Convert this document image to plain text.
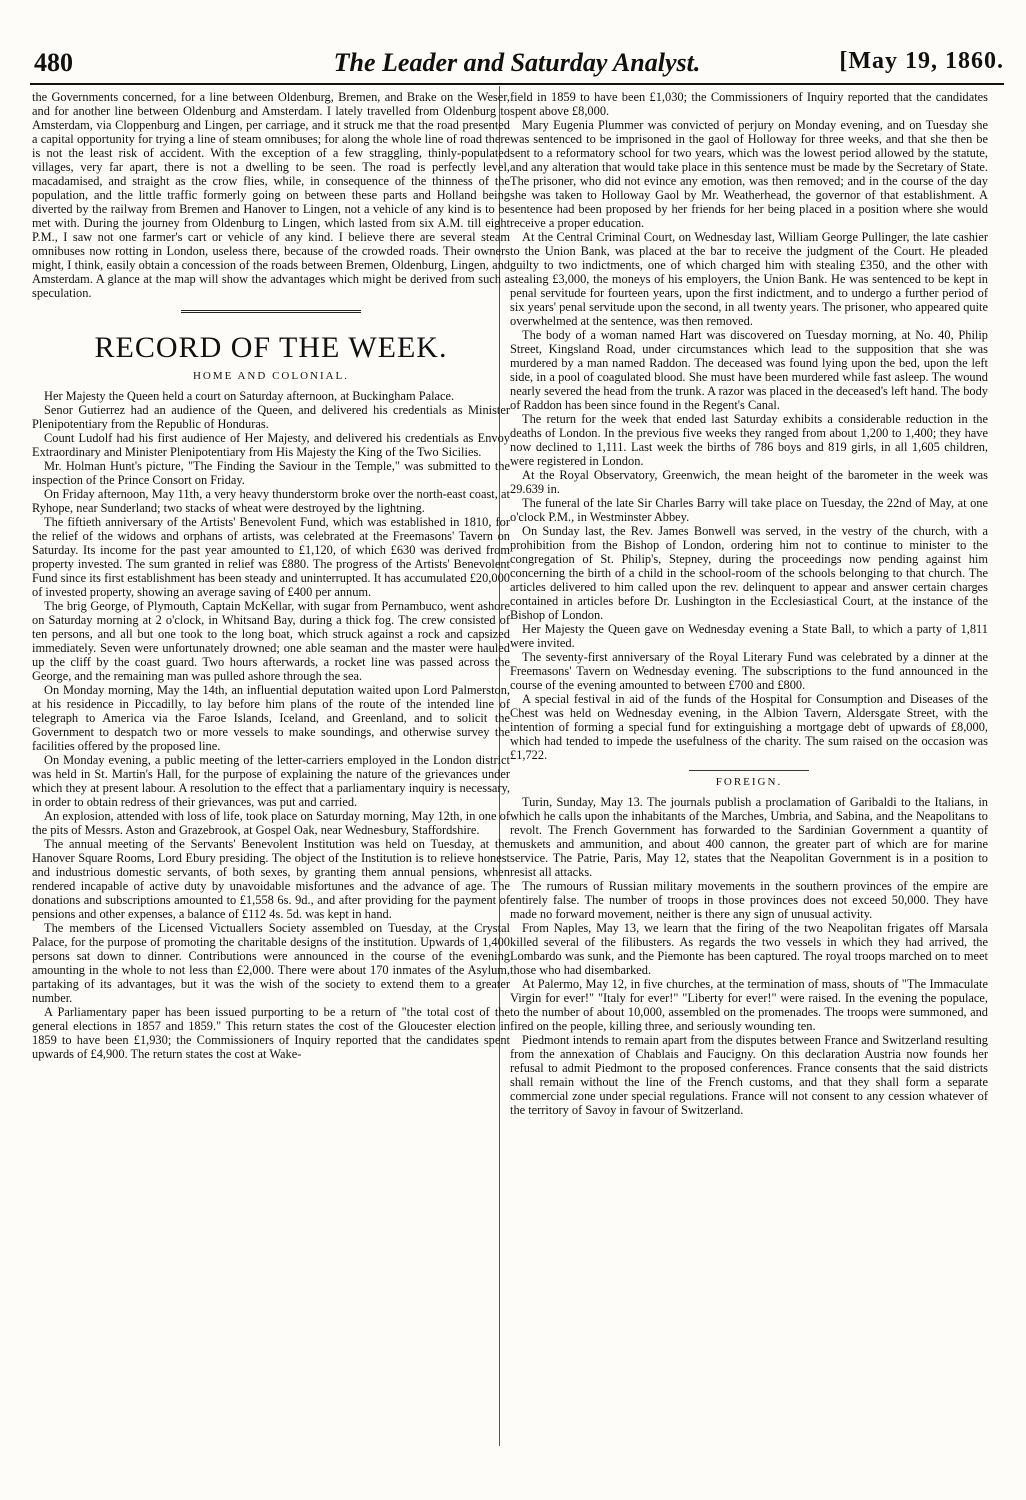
480	The Leader and Saturday Analyst.	[May 19, 1860.

the Governments concerned, for a line between Oldenburg, Bremen, and Brake on the Weser, and for another line between Oldenburg and Amsterdam. I lately travelled from Oldenburg to Amsterdam, via Cloppenburg and Lingen, per carriage, and it struck me that the road presented a capital opportunity for trying a line of steam omnibuses; for along the whole line of road there is not the least risk of accident. With the exception of a few straggling, thinly-populated villages, very far apart, there is not a dwelling to be seen. The road is perfectly level, macadamised, and straight as the crow flies, while, in consequence of the thinness of the population, and the little traffic formerly going on between these parts and Holland being diverted by the railway from Bremen and Hanover to Lingen, not a vehicle of any kind is to be met with. During the journey from Oldenburg to Lingen, which lasted from six A.M. till eight P.M., I saw not one farmer's cart or vehicle of any kind. I believe there are several steam omnibuses now rotting in London, useless there, because of the crowded roads. Their owners might, I think, easily obtain a concession of the roads between Bremen, Oldenburg, Lingen, and Amsterdam. A glance at the map will show the advantages which might be derived from such a speculation.

RECORD OF THE WEEK.
HOME AND COLONIAL.

Her Majesty the Queen held a court on Saturday afternoon, at Buckingham Palace.

Senor Gutierrez had an audience of the Queen, and delivered his credentials as Minister Plenipotentiary from the Republic of Honduras.

Count Ludolf had his first audience of Her Majesty, and delivered his credentials as Envoy Extraordinary and Minister Plenipotentiary from His Majesty the King of the Two Sicilies.

Mr. Holman Hunt's picture, "The Finding the Saviour in the Temple," was submitted to the inspection of the Prince Consort on Friday.

On Friday afternoon, May 11th, a very heavy thunderstorm broke over the north-east coast, at Ryhope, near Sunderland; two stacks of wheat were destroyed by the lightning.

The fiftieth anniversary of the Artists' Benevolent Fund, which was established in 1810, for the relief of the widows and orphans of artists, was celebrated at the Freemasons' Tavern on Saturday. Its income for the past year amounted to £1,120, of which £630 was derived from property invested. The sum granted in relief was £880. The progress of the Artists' Benevolent Fund since its first establishment has been steady and uninterrupted. It has accumulated £20,000 of invested property, showing an average saving of £400 per annum.

The brig George, of Plymouth, Captain McKellar, with sugar from Pernambuco, went ashore on Saturday morning at 2 o'clock, in Whitsand Bay, during a thick fog. The crew consisted of ten persons, and all but one took to the long boat, which struck against a rock and capsized immediately. Seven were unfortunately drowned; one able seaman and the master were hauled up the cliff by the coast guard. Two hours afterwards, a rocket line was passed across the George, and the remaining man was pulled ashore through the sea.

On Monday morning, May the 14th, an influential deputation waited upon Lord Palmerston, at his residence in Piccadilly, to lay before him plans of the route of the intended line of telegraph to America via the Faroe Islands, Iceland, and Greenland, and to solicit the Government to despatch two or more vessels to make soundings, and otherwise survey the facilities offered by the proposed line.

On Monday evening, a public meeting of the letter-carriers employed in the London district was held in St. Martin's Hall, for the purpose of explaining the nature of the grievances under which they at present labour. A resolution to the effect that a parliamentary inquiry is necessary, in order to obtain redress of their grievances, was put and carried.

An explosion, attended with loss of life, took place on Saturday morning, May 12th, in one of the pits of Messrs. Aston and Grazebrook, at Gospel Oak, near Wednesbury, Staffordshire.

The annual meeting of the Servants' Benevolent Institution was held on Tuesday, at the Hanover Square Rooms, Lord Ebury presiding. The object of the Institution is to relieve honest and industrious domestic servants, of both sexes, by granting them annual pensions, when rendered incapable of active duty by unavoidable misfortunes and the advance of age. The donations and subscriptions amounted to £1,558 6s. 9d., and after providing for the payment of pensions and other expenses, a balance of £112 4s. 5d. was kept in hand.

The members of the Licensed Victuallers Society assembled on Tuesday, at the Crystal Palace, for the purpose of promoting the charitable designs of the institution. Upwards of 1,400 persons sat down to dinner. Contributions were announced in the course of the evening amounting in the whole to not less than £2,000. There were about 170 inmates of the Asylum, partaking of its advantages, but it was the wish of the society to extend them to a greater number.

A Parliamentary paper has been issued purporting to be a return of "the total cost of the general elections in 1857 and 1859." This return states the cost of the Gloucester election in 1859 to have been £1,930; the Commissioners of Inquiry reported that the candidates spent upwards of £4,900. The return states the cost at Wake-

field in 1859 to have been £1,030; the Commissioners of Inquiry reported that the candidates spent above £8,000.

Mary Eugenia Plummer was convicted of perjury on Monday evening, and on Tuesday she was sentenced to be imprisoned in the gaol of Holloway for three weeks, and that she then be sent to a reformatory school for two years, which was the lowest period allowed by the statute, and any alteration that would take place in this sentence must be made by the Secretary of State. The prisoner, who did not evince any emotion, was then removed; and in the course of the day she was taken to Holloway Gaol by Mr. Weatherhead, the governor of that establishment. A sentence had been proposed by her friends for her being placed in a position where she would receive a proper education.

At the Central Criminal Court, on Wednesday last, William George Pullinger, the late cashier to the Union Bank, was placed at the bar to receive the judgment of the Court. He pleaded guilty to two indictments, one of which charged him with stealing £350, and the other with stealing £3,000, the moneys of his employers, the Union Bank. He was sentenced to be kept in penal servitude for fourteen years, upon the first indictment, and to undergo a further period of six years' penal servitude upon the second, in all twenty years. The prisoner, who appeared quite overwhelmed at the sentence, was then removed.

The body of a woman named Hart was discovered on Tuesday morning, at No. 40, Philip Street, Kingsland Road, under circumstances which lead to the supposition that she was murdered by a man named Raddon. The deceased was found lying upon the bed, upon the left side, in a pool of coagulated blood. She must have been murdered while fast asleep. The wound nearly severed the head from the trunk. A razor was placed in the deceased's left hand. The body of Raddon has been since found in the Regent's Canal.

The return for the week that ended last Saturday exhibits a considerable reduction in the deaths of London. In the previous five weeks they ranged from about 1,200 to 1,400; they have now declined to 1,111. Last week the births of 786 boys and 819 girls, in all 1,605 children, were registered in London.

At the Royal Observatory, Greenwich, the mean height of the barometer in the week was 29.639 in.

The funeral of the late Sir Charles Barry will take place on Tuesday, the 22nd of May, at one o'clock P.M., in Westminster Abbey.

On Sunday last, the Rev. James Bonwell was served, in the vestry of the church, with a prohibition from the Bishop of London, ordering him not to continue to minister to the congregation of St. Philip's, Stepney, during the proceedings now pending against him concerning the birth of a child in the school-room of the schools belonging to that church. The articles delivered to him called upon the rev. delinquent to appear and answer certain charges contained in articles before Dr. Lushington in the Ecclesiastical Court, at the instance of the Bishop of London.

Her Majesty the Queen gave on Wednesday evening a State Ball, to which a party of 1,811 were invited.

The seventy-first anniversary of the Royal Literary Fund was celebrated by a dinner at the Freemasons' Tavern on Wednesday evening. The subscriptions to the fund announced in the course of the evening amounted to between £700 and £800.

A special festival in aid of the funds of the Hospital for Consumption and Diseases of the Chest was held on Wednesday evening, in the Albion Tavern, Aldersgate Street, with the intention of forming a special fund for extinguishing a mortgage debt of upwards of £8,000, which had tended to impede the usefulness of the charity. The sum raised on the occasion was £1,722.

FOREIGN.

Turin, Sunday, May 13. The journals publish a proclamation of Garibaldi to the Italians, in which he calls upon the inhabitants of the Marches, Umbria, and Sabina, and the Neapolitans to revolt. The French Government has forwarded to the Sardinian Government a quantity of muskets and ammunition, and about 400 cannon, the greater part of which are for marine service. The Patrie, Paris, May 12, states that the Neapolitan Government is in a position to resist all attacks.

The rumours of Russian military movements in the southern provinces of the empire are entirely false. The number of troops in those provinces does not exceed 50,000. They have made no forward movement, neither is there any sign of unusual activity.

From Naples, May 13, we learn that the firing of the two Neapolitan frigates off Marsala killed several of the filibusters. As regards the two vessels in which they had arrived, the Lombardo was sunk, and the Piemonte has been captured. The royal troops marched on to meet those who had disembarked.

At Palermo, May 12, in five churches, at the termination of mass, shouts of "The Immaculate Virgin for ever!" "Italy for ever!" "Liberty for ever!" were raised. In the evening the populace, to the number of about 10,000, assembled on the promenades. The troops were summoned, and fired on the people, killing three, and seriously wounding ten.

Piedmont intends to remain apart from the disputes between France and Switzerland resulting from the annexation of Chablais and Faucigny. On this declaration Austria now founds her refusal to admit Piedmont to the proposed conferences. France consents that the said districts shall remain without the line of the French customs, and that they shall form a separate commercial zone under special regulations. France will not consent to any cession whatever of the territory of Savoy in favour of Switzerland.
